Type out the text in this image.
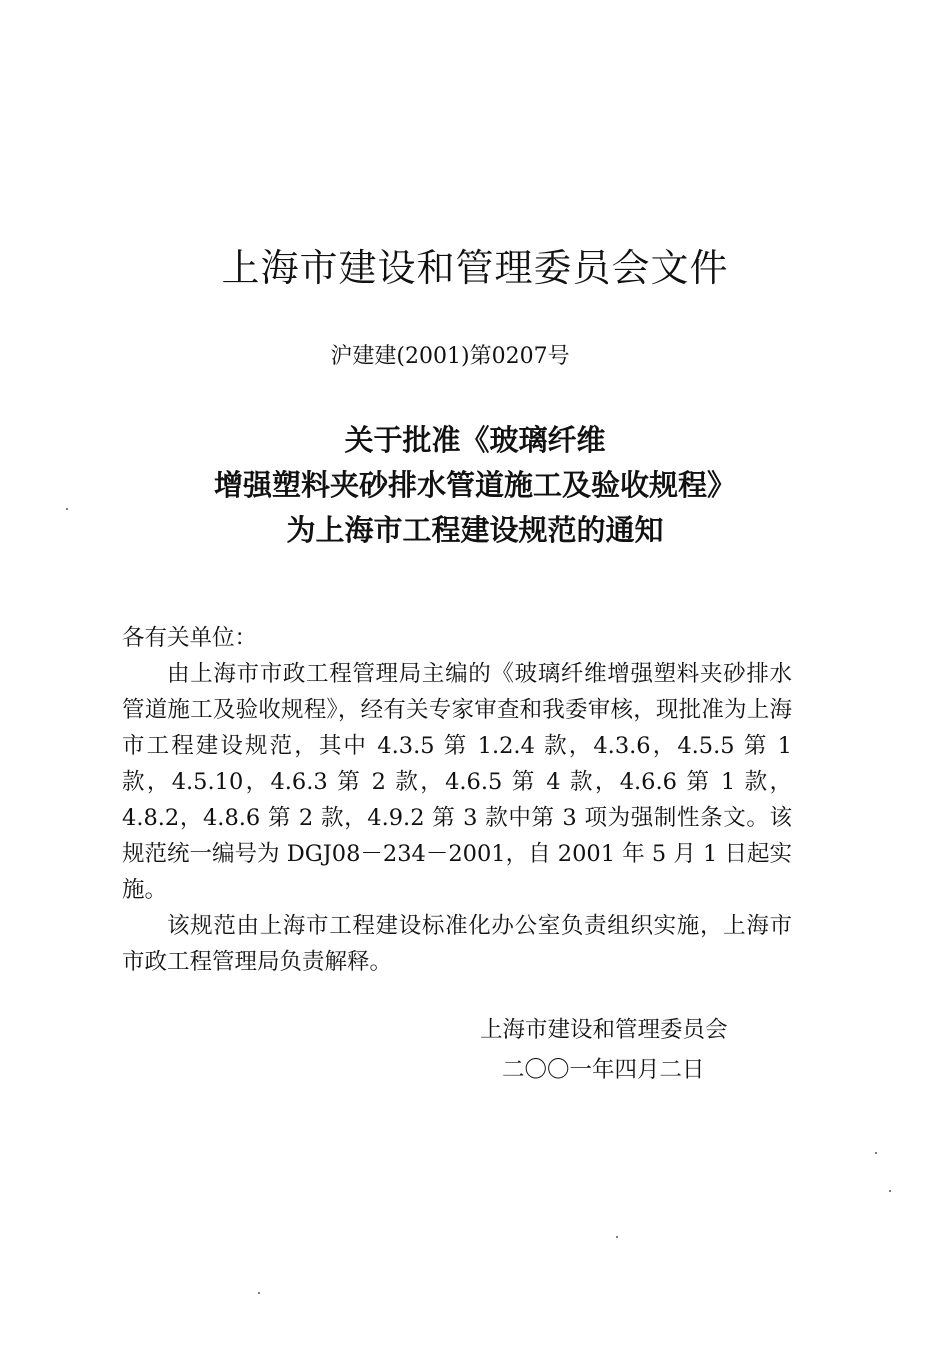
上海市建设和管理委员会文件
沪建建(2001)第0207号
关于批准《玻璃纤维
增强塑料夹砂排水管道施工及验收规程》
为上海市工程建设规范的通知

各有关单位：

由上海市市政工程管理局主编的《玻璃纤维增强塑料夹砂排水管道施工及验收规程》，经有关专家审查和我委审核，现批准为上海市工程建设规范，其中 4.3.5 第 1.2.4 款，4.3.6，4.5.5 第 1 款，4.5.10，4.6.3 第 2 款，4.6.5 第 4 款，4.6.6 第 1 款，4.8.2，4.8.6 第 2 款，4.9.2 第 3 款中第 3 项为强制性条文。该规范统一编号为 DGJ08－234－2001，自 2001 年 5 月 1 日起实施。

该规范由上海市工程建设标准化办公室负责组织实施，上海市市政工程管理局负责解释。

上海市建设和管理委员会
二〇〇一年四月二日
